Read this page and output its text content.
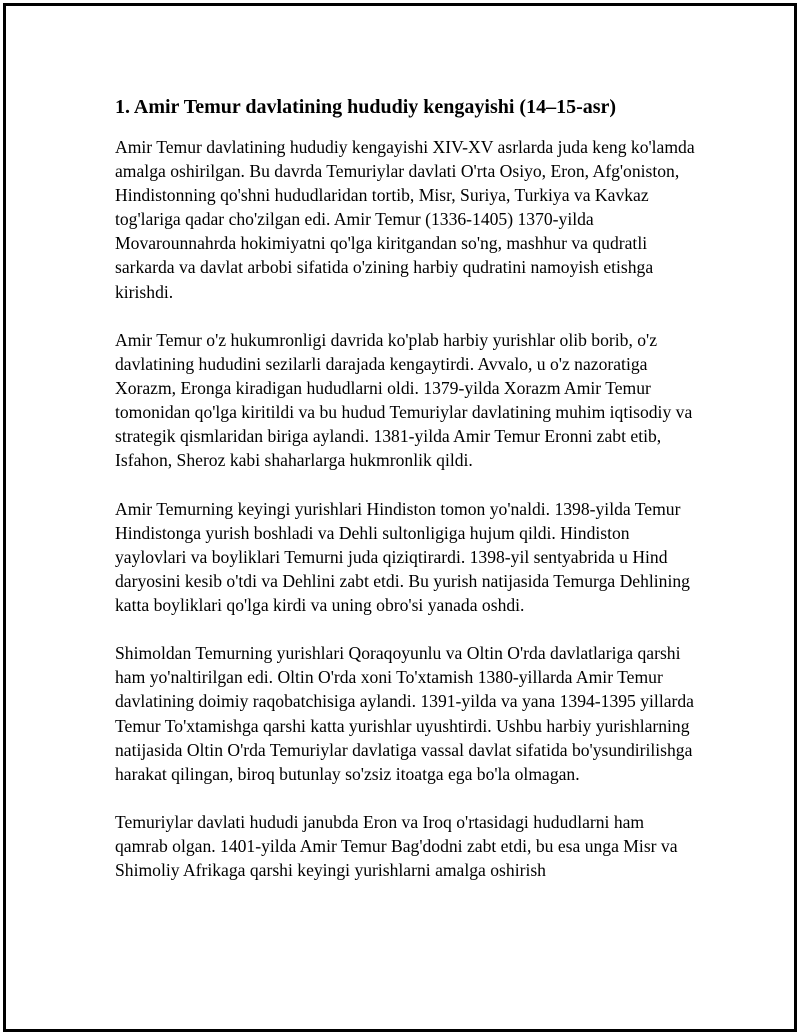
1. Amir Temur davlatining hududiy kengayishi (14–15-asr)

Amir Temur davlatining hududiy kengayishi XIV-XV asrlarda juda keng ko'lamda amalga oshirilgan. Bu davrda Temuriylar davlati O'rta Osiyo, Eron, Afg'oniston, Hindistonning qo'shni hududlaridan tortib, Misr, Suriya, Turkiya va Kavkaz tog'lariga qadar cho'zilgan edi. Amir Temur (1336-1405) 1370-yilda Movarounnahrda hokimiyatni qo'lga kiritgandan so'ng, mashhur va qudratli sarkarda va davlat arbobi sifatida o'zining harbiy qudratini namoyish etishga kirishdi.

Amir Temur o'z hukumronligi davrida ko'plab harbiy yurishlar olib borib, o'z davlatining hududini sezilarli darajada kengaytirdi. Avvalo, u o'z nazoratiga Xorazm, Eronga kiradigan hududlarni oldi. 1379-yilda Xorazm Amir Temur tomonidan qo'lga kiritildi va bu hudud Temuriylar davlatining muhim iqtisodiy va strategik qismlaridan biriga aylandi. 1381-yilda Amir Temur Eronni zabt etib, Isfahon, Sheroz kabi shaharlarga hukmronlik qildi.

Amir Temurning keyingi yurishlari Hindiston tomon yo'naldi. 1398-yilda Temur Hindistonga yurish boshladi va Dehli sultonligiga hujum qildi. Hindiston yaylovlari va boyliklari Temurni juda qiziqtirardi. 1398-yil sentyabrida u Hind daryosini kesib o'tdi va Dehlini zabt etdi. Bu yurish natijasida Temurga Dehlining katta boyliklari qo'lga kirdi va uning obro'si yanada oshdi.

Shimoldan Temurning yurishlari Qoraqoyunlu va Oltin O'rda davlatlariga qarshi ham yo'naltirilgan edi. Oltin O'rda xoni To'xtamish 1380-yillarda Amir Temur davlatining doimiy raqobatchisiga aylandi. 1391-yilda va yana 1394-1395 yillarda Temur To'xtamishga qarshi katta yurishlar uyushtirdi. Ushbu harbiy yurishlarning natijasida Oltin O'rda Temuriylar davlatiga vassal davlat sifatida bo'ysundirilishga harakat qilingan, biroq butunlay so'zsiz itoatga ega bo'la olmagan.

Temuriylar davlati hududi janubda Eron va Iroq o'rtasidagi hududlarni ham qamrab olgan. 1401-yilda Amir Temur Bag'dodni zabt etdi, bu esa unga Misr va Shimoliy Afrikaga qarshi keyingi yurishlarni amalga oshirish
